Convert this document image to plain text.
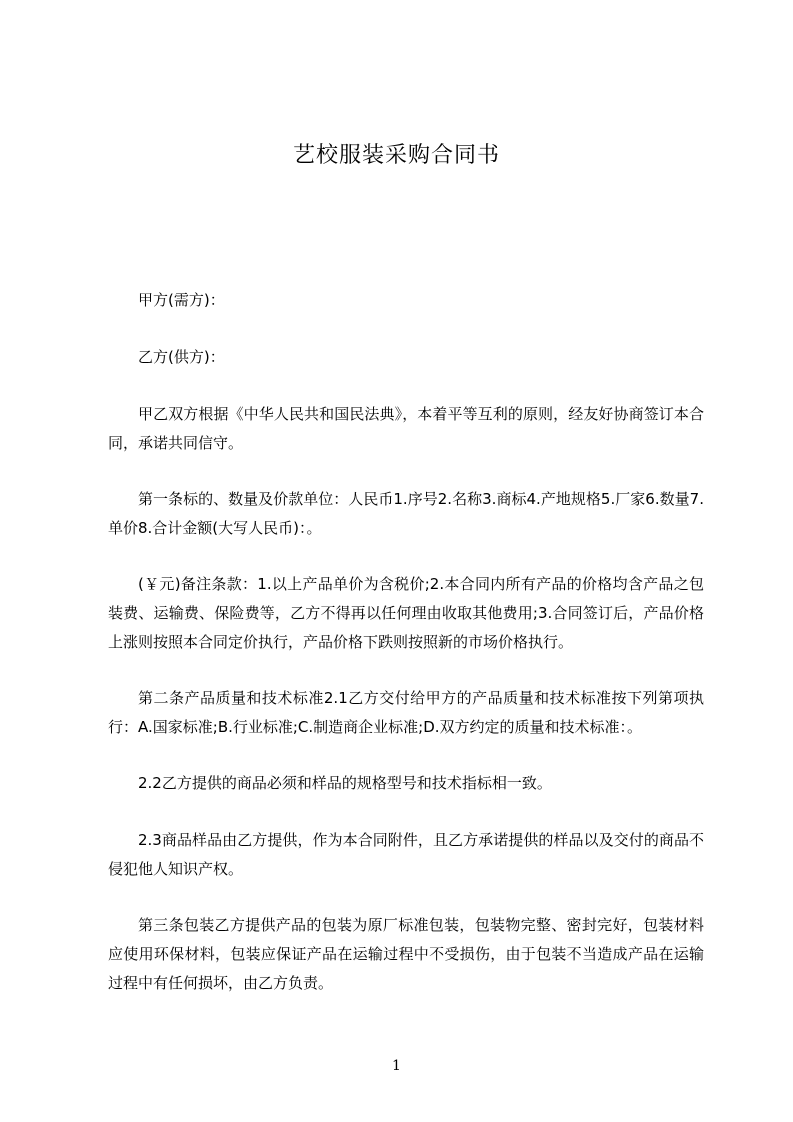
艺校服装采购合同书

甲方(需方)：

乙方(供方)：

甲乙双方根据《中华人民共和国民法典》，本着平等互利的原则，经友好协商签订本合同，承诺共同信守。

第一条标的、数量及价款单位：人民币1.序号2.名称3.商标4.产地规格5.厂家6.数量7.单价8.合计金额(大写人民币)：。

(￥元)备注条款：1.以上产品单价为含税价;2.本合同内所有产品的价格均含产品之包装费、运输费、保险费等，乙方不得再以任何理由收取其他费用;3.合同签订后，产品价格上涨则按照本合同定价执行，产品价格下跌则按照新的市场价格执行。

第二条产品质量和技术标准2.1乙方交付给甲方的产品质量和技术标准按下列第项执行：A.国家标准;B.行业标准;C.制造商企业标准;D.双方约定的质量和技术标准：。

2.2乙方提供的商品必须和样品的规格型号和技术指标相一致。

2.3商品样品由乙方提供，作为本合同附件，且乙方承诺提供的样品以及交付的商品不侵犯他人知识产权。

第三条包装乙方提供产品的包装为原厂标准包装，包装物完整、密封完好，包装材料应使用环保材料，包装应保证产品在运输过程中不受损伤，由于包装不当造成产品在运输过程中有任何损坏，由乙方负责。

1
